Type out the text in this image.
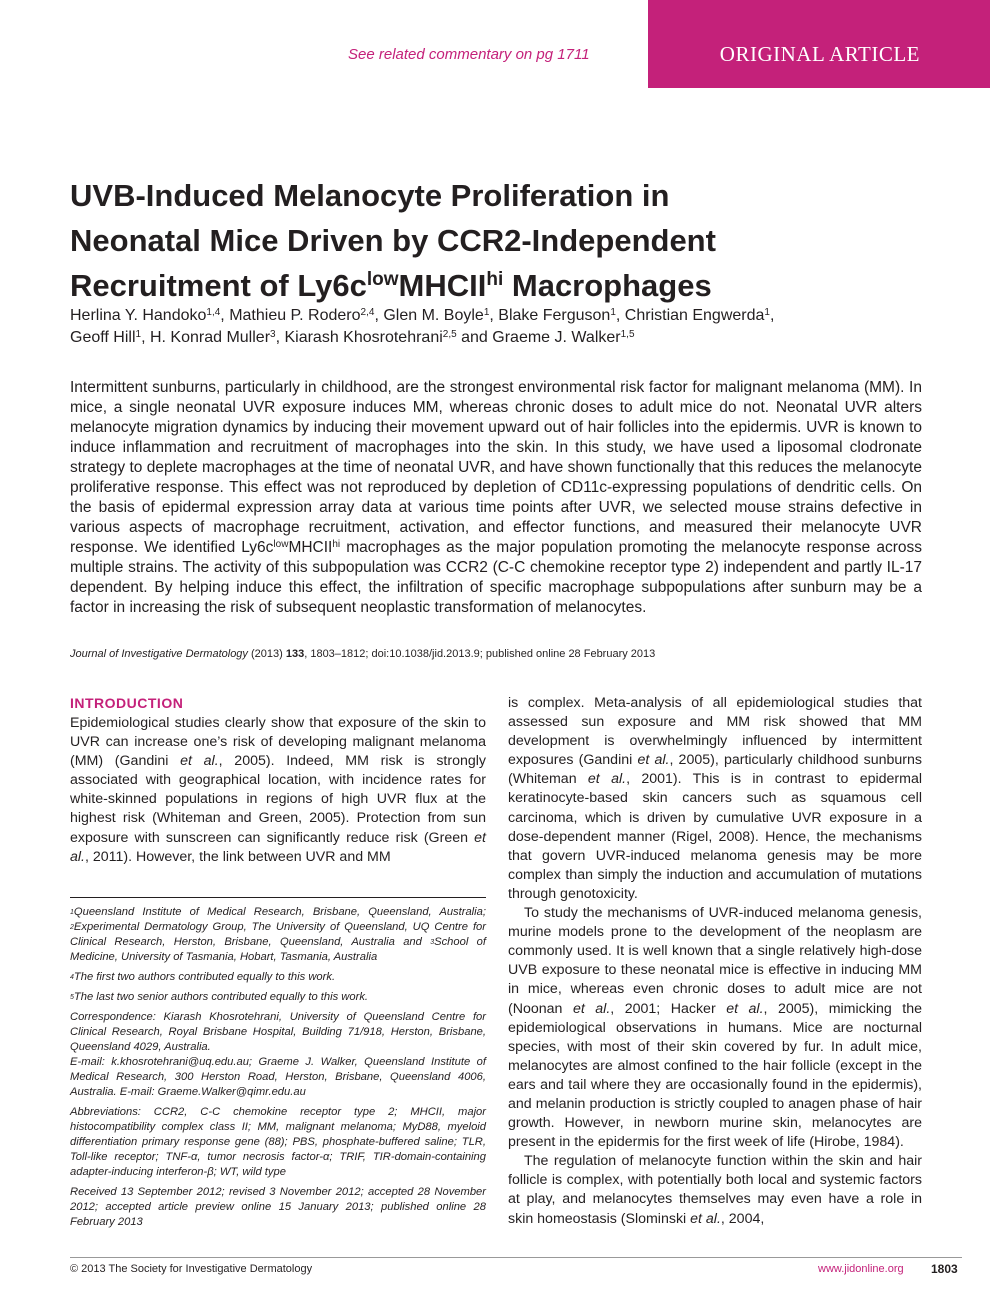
See related commentary on pg 1711	ORIGINAL ARTICLE
UVB-Induced Melanocyte Proliferation in
Neonatal Mice Driven by CCR2-Independent
Recruitment of $Ly6c^{low}MHCII^{hi}$ Macrophages
Herlina Y. Handoko$^{1,4}$, Mathieu P. Rodero$^{2,4}$, Glen M. Boyle$^1$, Blake Ferguson$^1$, Christian Engwerda$^1$,
Geoff Hill$^1$, H. Konrad Muller$^3$, Kiarash Khosrotehrani$^{2,5}$ and Graeme J. Walker$^{1,5}$
Intermittent sunburns, particularly in childhood, are the strongest environmental risk factor for malignant melanoma (MM). In mice, a single neonatal UVR exposure induces MM, whereas chronic doses to adult mice do not. Neonatal UVR alters melanocyte migration dynamics by inducing their movement upward out of hair follicles into the epidermis. UVR is known to induce inflammation and recruitment of macrophages into the skin. In this study, we have used a liposomal clodronate strategy to deplete macrophages at the time of neonatal UVR, and have shown functionally that this reduces the melanocyte proliferative response. This effect was not reproduced by depletion of CD11c-expressing populations of dendritic cells. On the basis of epidermal expression array data at various time points after UVR, we selected mouse strains defective in various aspects of macrophage recruitment, activation, and effector functions, and measured their melanocyte UVR response. We identified $Ly6c^{low}MHCII^{hi}$ macrophages as the major population promoting the melanocyte response across multiple strains. The activity of this subpopulation was CCR2 (C-C chemokine receptor type 2) independent and partly IL-17 dependent. By helping induce this effect, the infiltration of specific macrophage subpopulations after sunburn may be a factor in increasing the risk of subsequent neoplastic transformation of melanocytes.
Journal of Investigative Dermatology (2013) 133, 1803–1812; doi:10.1038/jid.2013.9; published online 28 February 2013
INTRODUCTION
Epidemiological studies clearly show that exposure of the skin to UVR can increase one’s risk of developing malignant melanoma (MM) (Gandini et al., 2005). Indeed, MM risk is strongly associated with geographical location, with incidence rates for white-skinned populations in regions of high UVR flux at the highest risk (Whiteman and Green, 2005). Protection from sun exposure with sunscreen can significantly reduce risk (Green et al., 2011). However, the link between UVR and MM

$^1$Queensland Institute of Medical Research, Brisbane, Queensland, Australia; $^2$Experimental Dermatology Group, The University of Queensland, UQ Centre for Clinical Research, Herston, Brisbane, Queensland, Australia and $^3$School of Medicine, University of Tasmania, Hobart, Tasmania, Australia

$^4$The first two authors contributed equally to this work.

$^5$The last two senior authors contributed equally to this work.

Correspondence: Kiarash Khosrotehrani, University of Queensland Centre for Clinical Research, Royal Brisbane Hospital, Building 71/918, Herston, Brisbane, Queensland 4029, Australia.
E-mail: k.khosrotehrani@uq.edu.au; Graeme J. Walker, Queensland Institute of Medical Research, 300 Herston Road, Herston, Brisbane, Queensland 4006, Australia. E-mail: Graeme.Walker@qimr.edu.au

Abbreviations: CCR2, C-C chemokine receptor type 2; MHCII, major histocompatibility complex class II; MM, malignant melanoma; MyD88, myeloid differentiation primary response gene (88); PBS, phosphate-buffered saline; TLR, Toll-like receptor; TNF-α, tumor necrosis factor-α; TRIF, TIR-domain-containing adapter-inducing interferon-β; WT, wild type

Received 13 September 2012; revised 3 November 2012; accepted 28 November 2012; accepted article preview online 15 January 2013; published online 28 February 2013

is complex. Meta-analysis of all epidemiological studies that assessed sun exposure and MM risk showed that MM development is overwhelmingly influenced by intermittent exposures (Gandini et al., 2005), particularly childhood sunburns (Whiteman et al., 2001). This is in contrast to epidermal keratinocyte-based skin cancers such as squamous cell carcinoma, which is driven by cumulative UVR exposure in a dose-dependent manner (Rigel, 2008). Hence, the mechanisms that govern UVR-induced melanoma genesis may be more complex than simply the induction and accumulation of mutations through genotoxicity.

To study the mechanisms of UVR-induced melanoma genesis, murine models prone to the development of the neoplasm are commonly used. It is well known that a single relatively high-dose UVB exposure to these neonatal mice is effective in inducing MM in mice, whereas even chronic doses to adult mice are not (Noonan et al., 2001; Hacker et al., 2005), mimicking the epidemiological observations in humans. Mice are nocturnal species, with most of their skin covered by fur. In adult mice, melanocytes are almost confined to the hair follicle (except in the ears and tail where they are occasionally found in the epidermis), and melanin production is strictly coupled to anagen phase of hair growth. However, in newborn murine skin, melanocytes are present in the epidermis for the first week of life (Hirobe, 1984).

The regulation of melanocyte function within the skin and hair follicle is complex, with potentially both local and systemic factors at play, and melanocytes themselves may even have a role in skin homeostasis (Slominski et al., 2004,

© 2013 The Society for Investigative Dermatology	www.jidonline.org 1803
